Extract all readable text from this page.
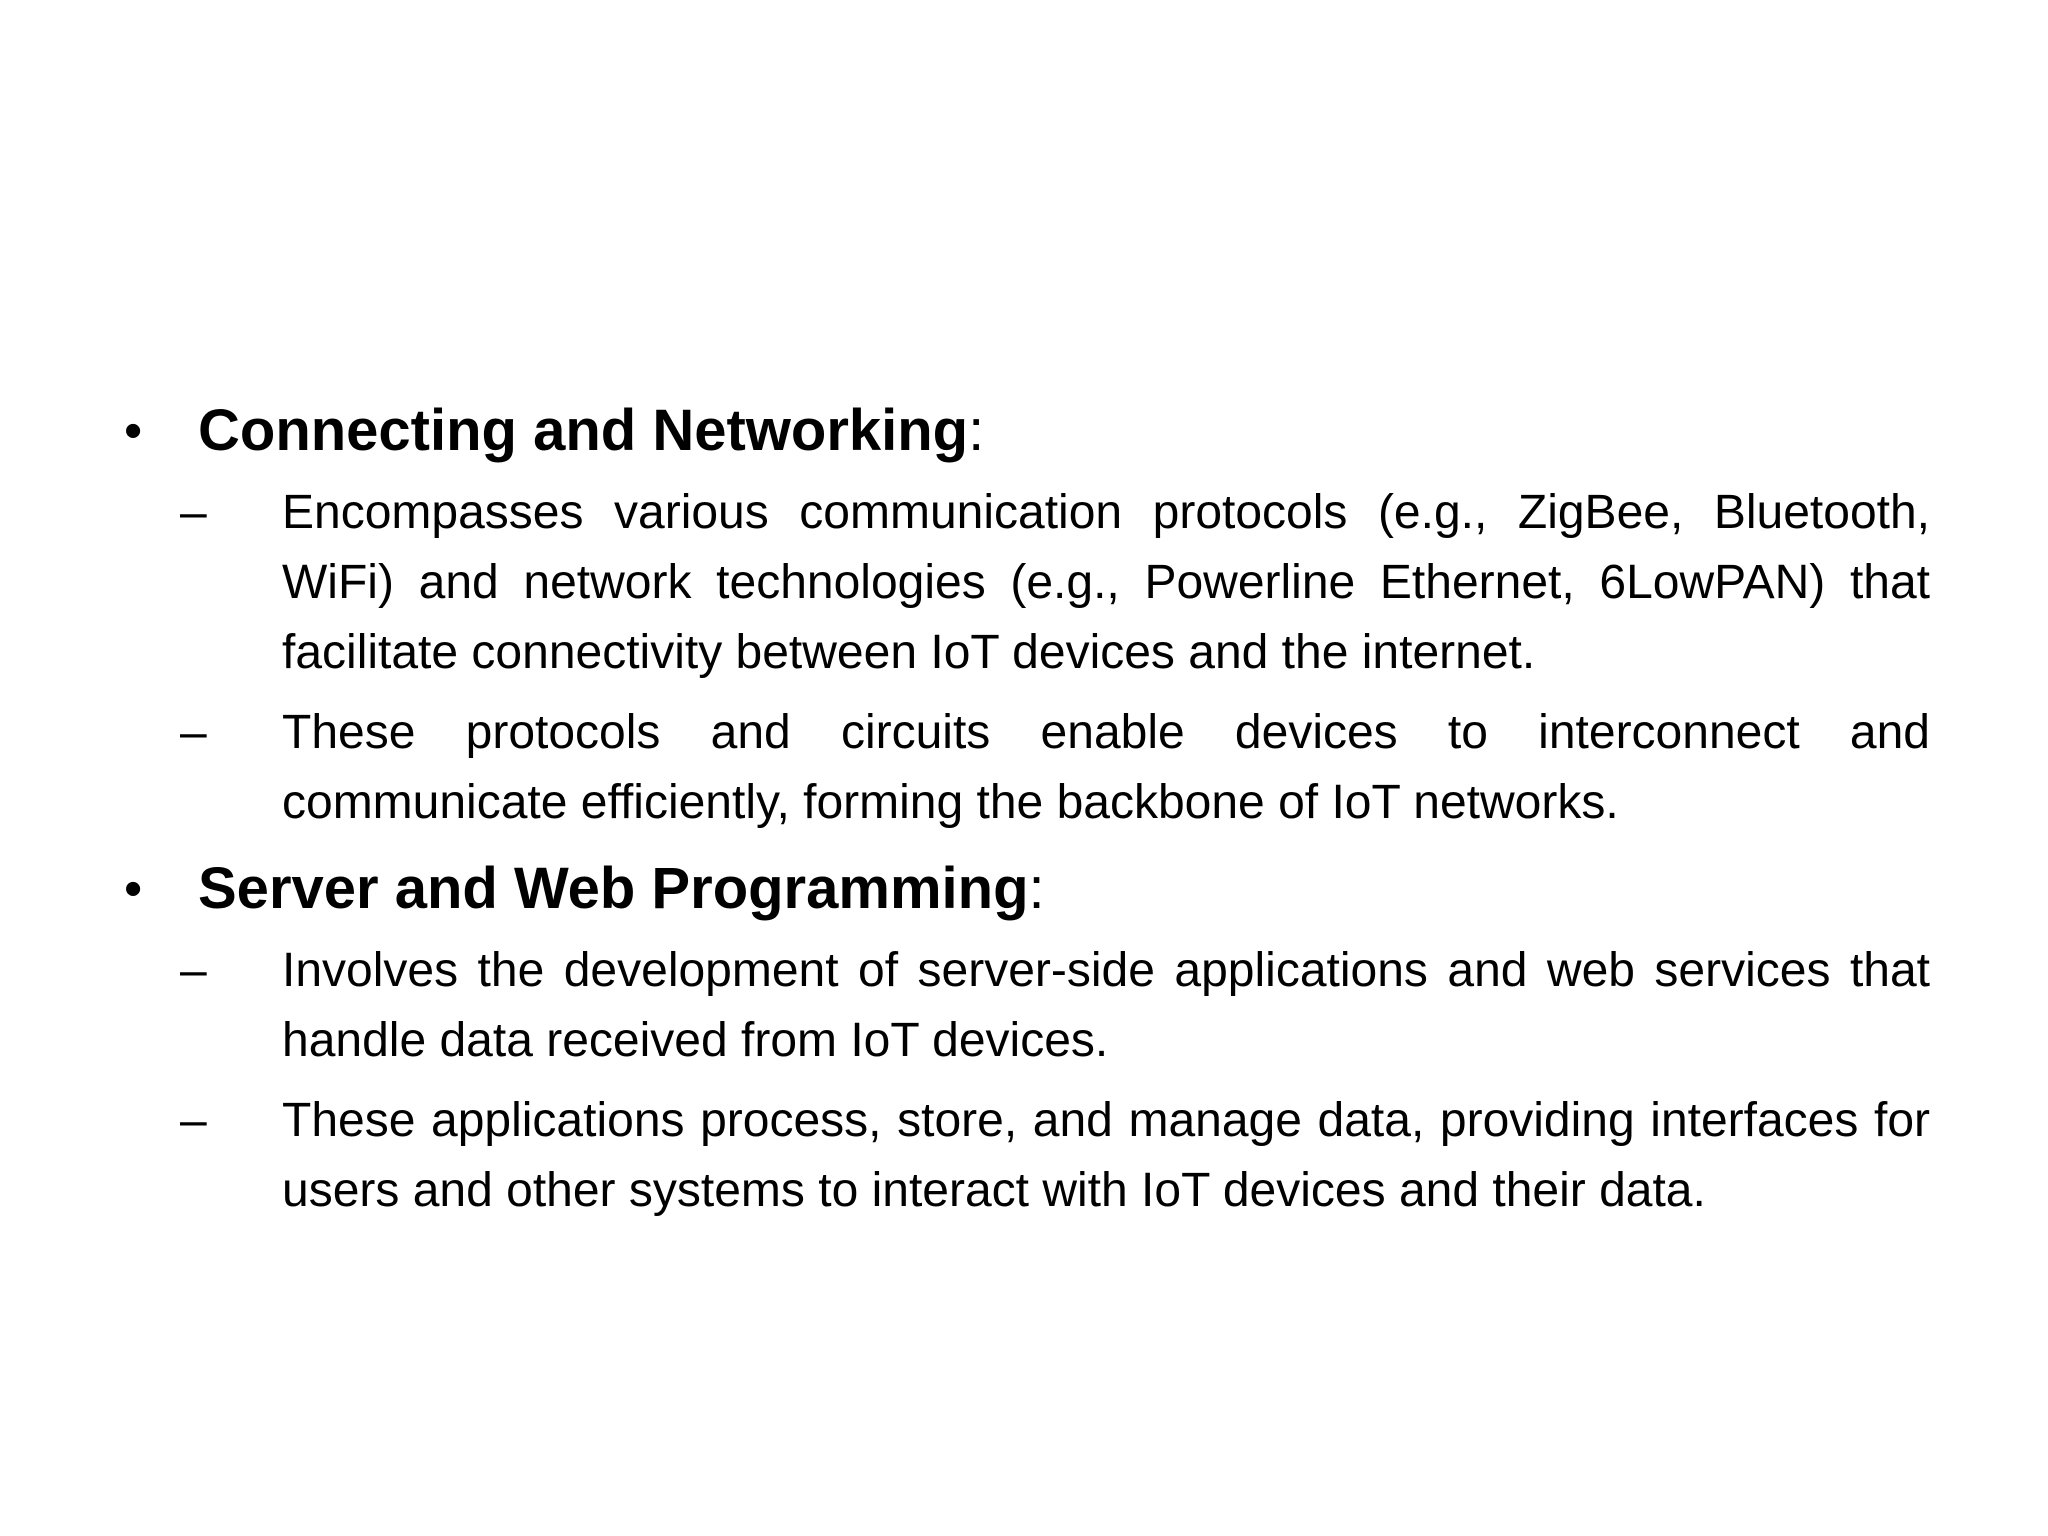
• Connecting and Networking:
–	Encompasses various communication protocols (e.g., ZigBee, Bluetooth, WiFi) and network technologies (e.g., Powerline Ethernet, 6LowPAN) that facilitate connectivity between IoT devices and the internet.
–	These protocols and circuits enable devices to interconnect and communicate efficiently, forming the backbone of IoT networks.
• Server and Web Programming:
–	Involves the development of server-side applications and web services that handle data received from IoT devices.
–	These applications process, store, and manage data, providing interfaces for users and other systems to interact with IoT devices and their data.
